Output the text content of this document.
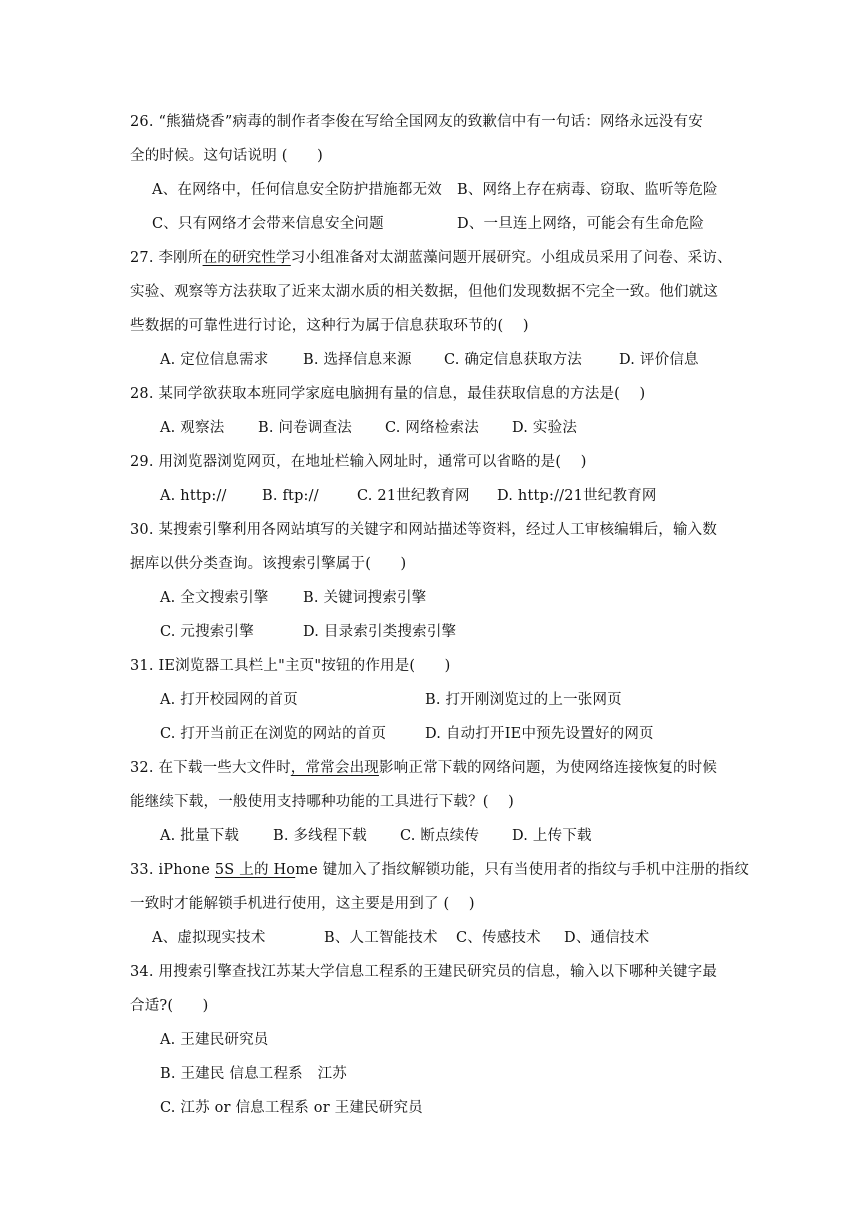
26. “熊猫烧香”病毒的制作者李俊在写给全国网友的致歉信中有一句话：网络永远没有安
全的时候。这句话说明 (　　)
A、在网络中，任何信息安全防护措施都无效 B、网络上存在病毒、窃取、监听等危险
C、只有网络才会带来信息安全问题	D、一旦连上网络，可能会有生命危险
27. 李刚所在的研究性学习小组准备对太湖蓝藻问题开展研究。小组成员采用了问卷、采访、
实验、观察等方法获取了近来太湖水质的相关数据，但他们发现数据不完全一致。他们就这
些数据的可靠性进行讨论，这种行为属于信息获取环节的(　 )
A. 定位信息需求 B. 选择信息来源 C. 确定信息获取方法	D. 评价信息
28. 某同学欲获取本班同学家庭电脑拥有量的信息，最佳获取信息的方法是(　 )
A. 观察法 B. 问卷调查法 C. 网络检索法 D. 实验法
29. 用浏览器浏览网页，在地址栏输入网址时，通常可以省略的是(　 )
A. http:// B. ftp://	C. 21世纪教育网 D. http://21世纪教育网
30. 某搜索引擎利用各网站填写的关键字和网站描述等资料，经过人工审核编辑后，输入数
据库以供分类查询。该搜索引擎属于(　　)
A. 全文搜索引擎 B. 关键词搜索引擎
C. 元搜索引擎	D. 目录索引类搜索引擎
31. IE浏览器工具栏上"主页"按钮的作用是(　　)
A. 打开校园网的首页	B. 打开刚浏览过的上一张网页
C. 打开当前正在浏览的网站的首页	D. 自动打开IE中预先设置好的网页
32. 在下载一些大文件时，常常会出现影响正常下载的网络问题，为使网络连接恢复的时候
能继续下载，一般使用支持哪种功能的工具进行下载？(　 )
A. 批量下载 B. 多线程下载 C. 断点续传 D. 上传下载
33. iPhone 5S 上的 Home 键加入了指纹解锁功能，只有当使用者的指纹与手机中注册的指纹
一致时才能解锁手机进行使用，这主要是用到了 (　 )
A、虚拟现实技术	B、人工智能技术 C、传感技术 D、通信技术
34. 用搜索引擎查找江苏某大学信息工程系的王建民研究员的信息，输入以下哪种关键字最
合适?(　　)
A. 王建民研究员
B. 王建民 信息工程系　江苏
C. 江苏 or 信息工程系 or 王建民研究员
